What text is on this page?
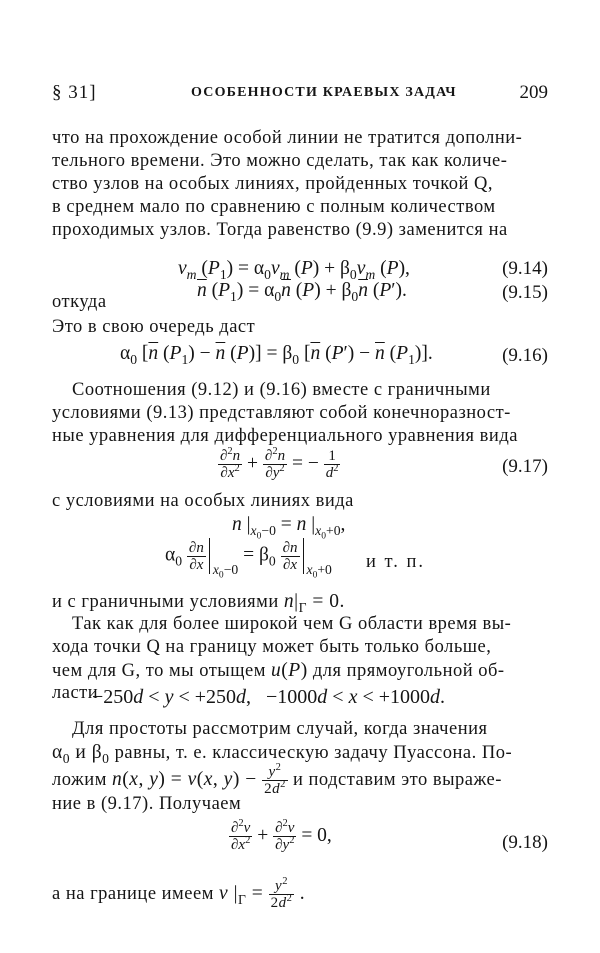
§ 31]	ОСОБЕННОСТИ КРАЕВЫХ ЗАДАЧ	209
что на прохождение особой линии не тратится дополни-
тельного времени. Это можно сделать, так как количе-
ство узлов на особых линиях, пройденных точкой Q,
в среднем мало по сравнению с полным количеством
проходимых узлов. Тогда равенство (9.9) заменится на
$v_m$ $(P_1) = \alpha_0v_m$ $(P) + \beta_0v_m$ (P),	(9.14)
откуда
$\overline{n}$ $(P_1) = \alpha_0\overline{n}$ $(P) + \beta_0\overline{n}$ (P′).	(9.15)
Это в свою очередь даст
$\alpha_0$ [$\overline{n}$ $(P_1) - \overline{n}$ $(P)] = \beta_0$ [$\overline{n}$ $(P') - \overline{n}$ $(P_1)$].	(9.16)
Соотношения (9.12) и (9.16) вместе с граничными
условиями (9.13) представляют собой конечноразност-
ные уравнения для дифференциального уравнения вида
$\frac{\partial^2n}{\partial x^2} + \frac{\partial^2n}{\partial y^2}$ = − $\frac{1}{d^2}$	(9.17)
с условиями на особых линиях вида
n $|_{x_0-0} = n$ $|_{x_0+0}$,
$\alpha_0 \frac{\partial n}{\partial x} _{x_0-0} = \beta_0 \frac{\partial n}{\partial x} _{x_0+0}$ и т. п.
и с граничными условиями $n|_\Gamma = 0$.
Так как для более широкой чем G области время вы-
хода точки Q на границу может быть только больше,
чем для G, то мы отыщем u(P) для прямоугольной об-
ласти
−250d < y < +250d,   −1000d < x < +1000d.
Для простоты рассмотрим случай, когда значения
$\alpha_0$ и $\beta_0$ равны, т. е. классическую задачу Пуассона. По-
ложим n(x, y) = v(x, $y) - \frac{y^2}{2d^2}$ и подставим это выраже-
ние в (9.17). Получаем
$\frac{\partial^2v}{\partial x^2} + \frac{\partial^2v}{\partial y^2} = 0$,	(9.18)
а на границе имеем v $|_\Gamma = \frac{y^2}{2d^2}$ .
